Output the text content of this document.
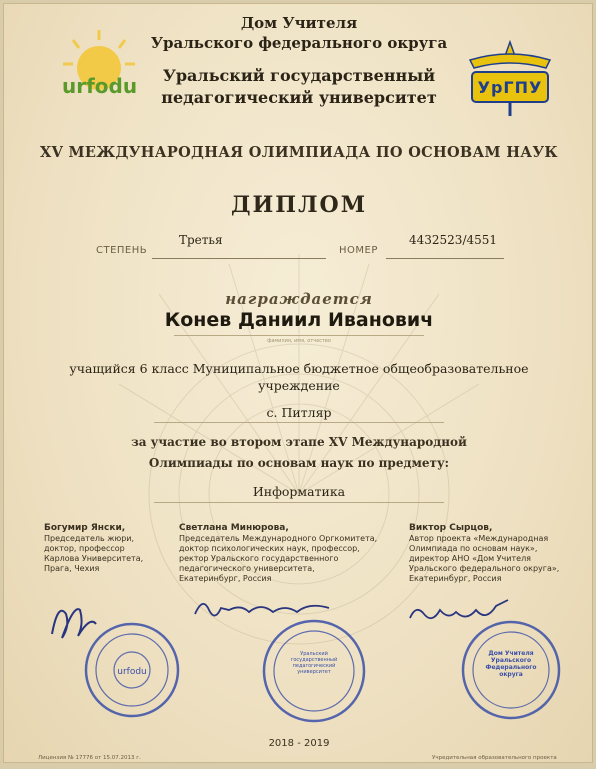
urfodu
Дом Учителя
Уральского федерального округа
Уральский государственный
педагогический университет
УрГПУ
XV МЕЖДУНАРОДНАЯ ОЛИМПИАДА ПО ОСНОВАМ НАУК
ДИПЛОМ
СТЕПЕНЬ
Третья
НОМЕР
4432523/4551
награждается
Конев Даниил Иванович
фамилия, имя, отчество
учащийся 6 класс Муниципальное бюджетное общеобразовательное учреждение
с. Питляр
за участие во втором этапе XV Международной
Олимпиады по основам наук по предмету:
Информатика
Богумир Янски,
Председатель жюри,
доктор, профессор
Карлова Университета,
Прага, Чехия
Светлана Минюрова,
Председатель Международного Оргкомитета,
доктор психологических наук, профессор,
ректор Уральского государственного
педагогического университета,
Екатеринбург, Россия
Виктор Сырцов,
Автор проекта «Международная
Олимпиада по основам наук»,
директор АНО «Дом Учителя
Уральского федерального округа»,
Екатеринбург, Россия
urfodu
Уральский государственный педагогический университет
Дом Учителя Уральского Федерального округа
2018 - 2019
Лицензия № 17776 от 15.07.2013 г.	Учредительная образовательного проекта
